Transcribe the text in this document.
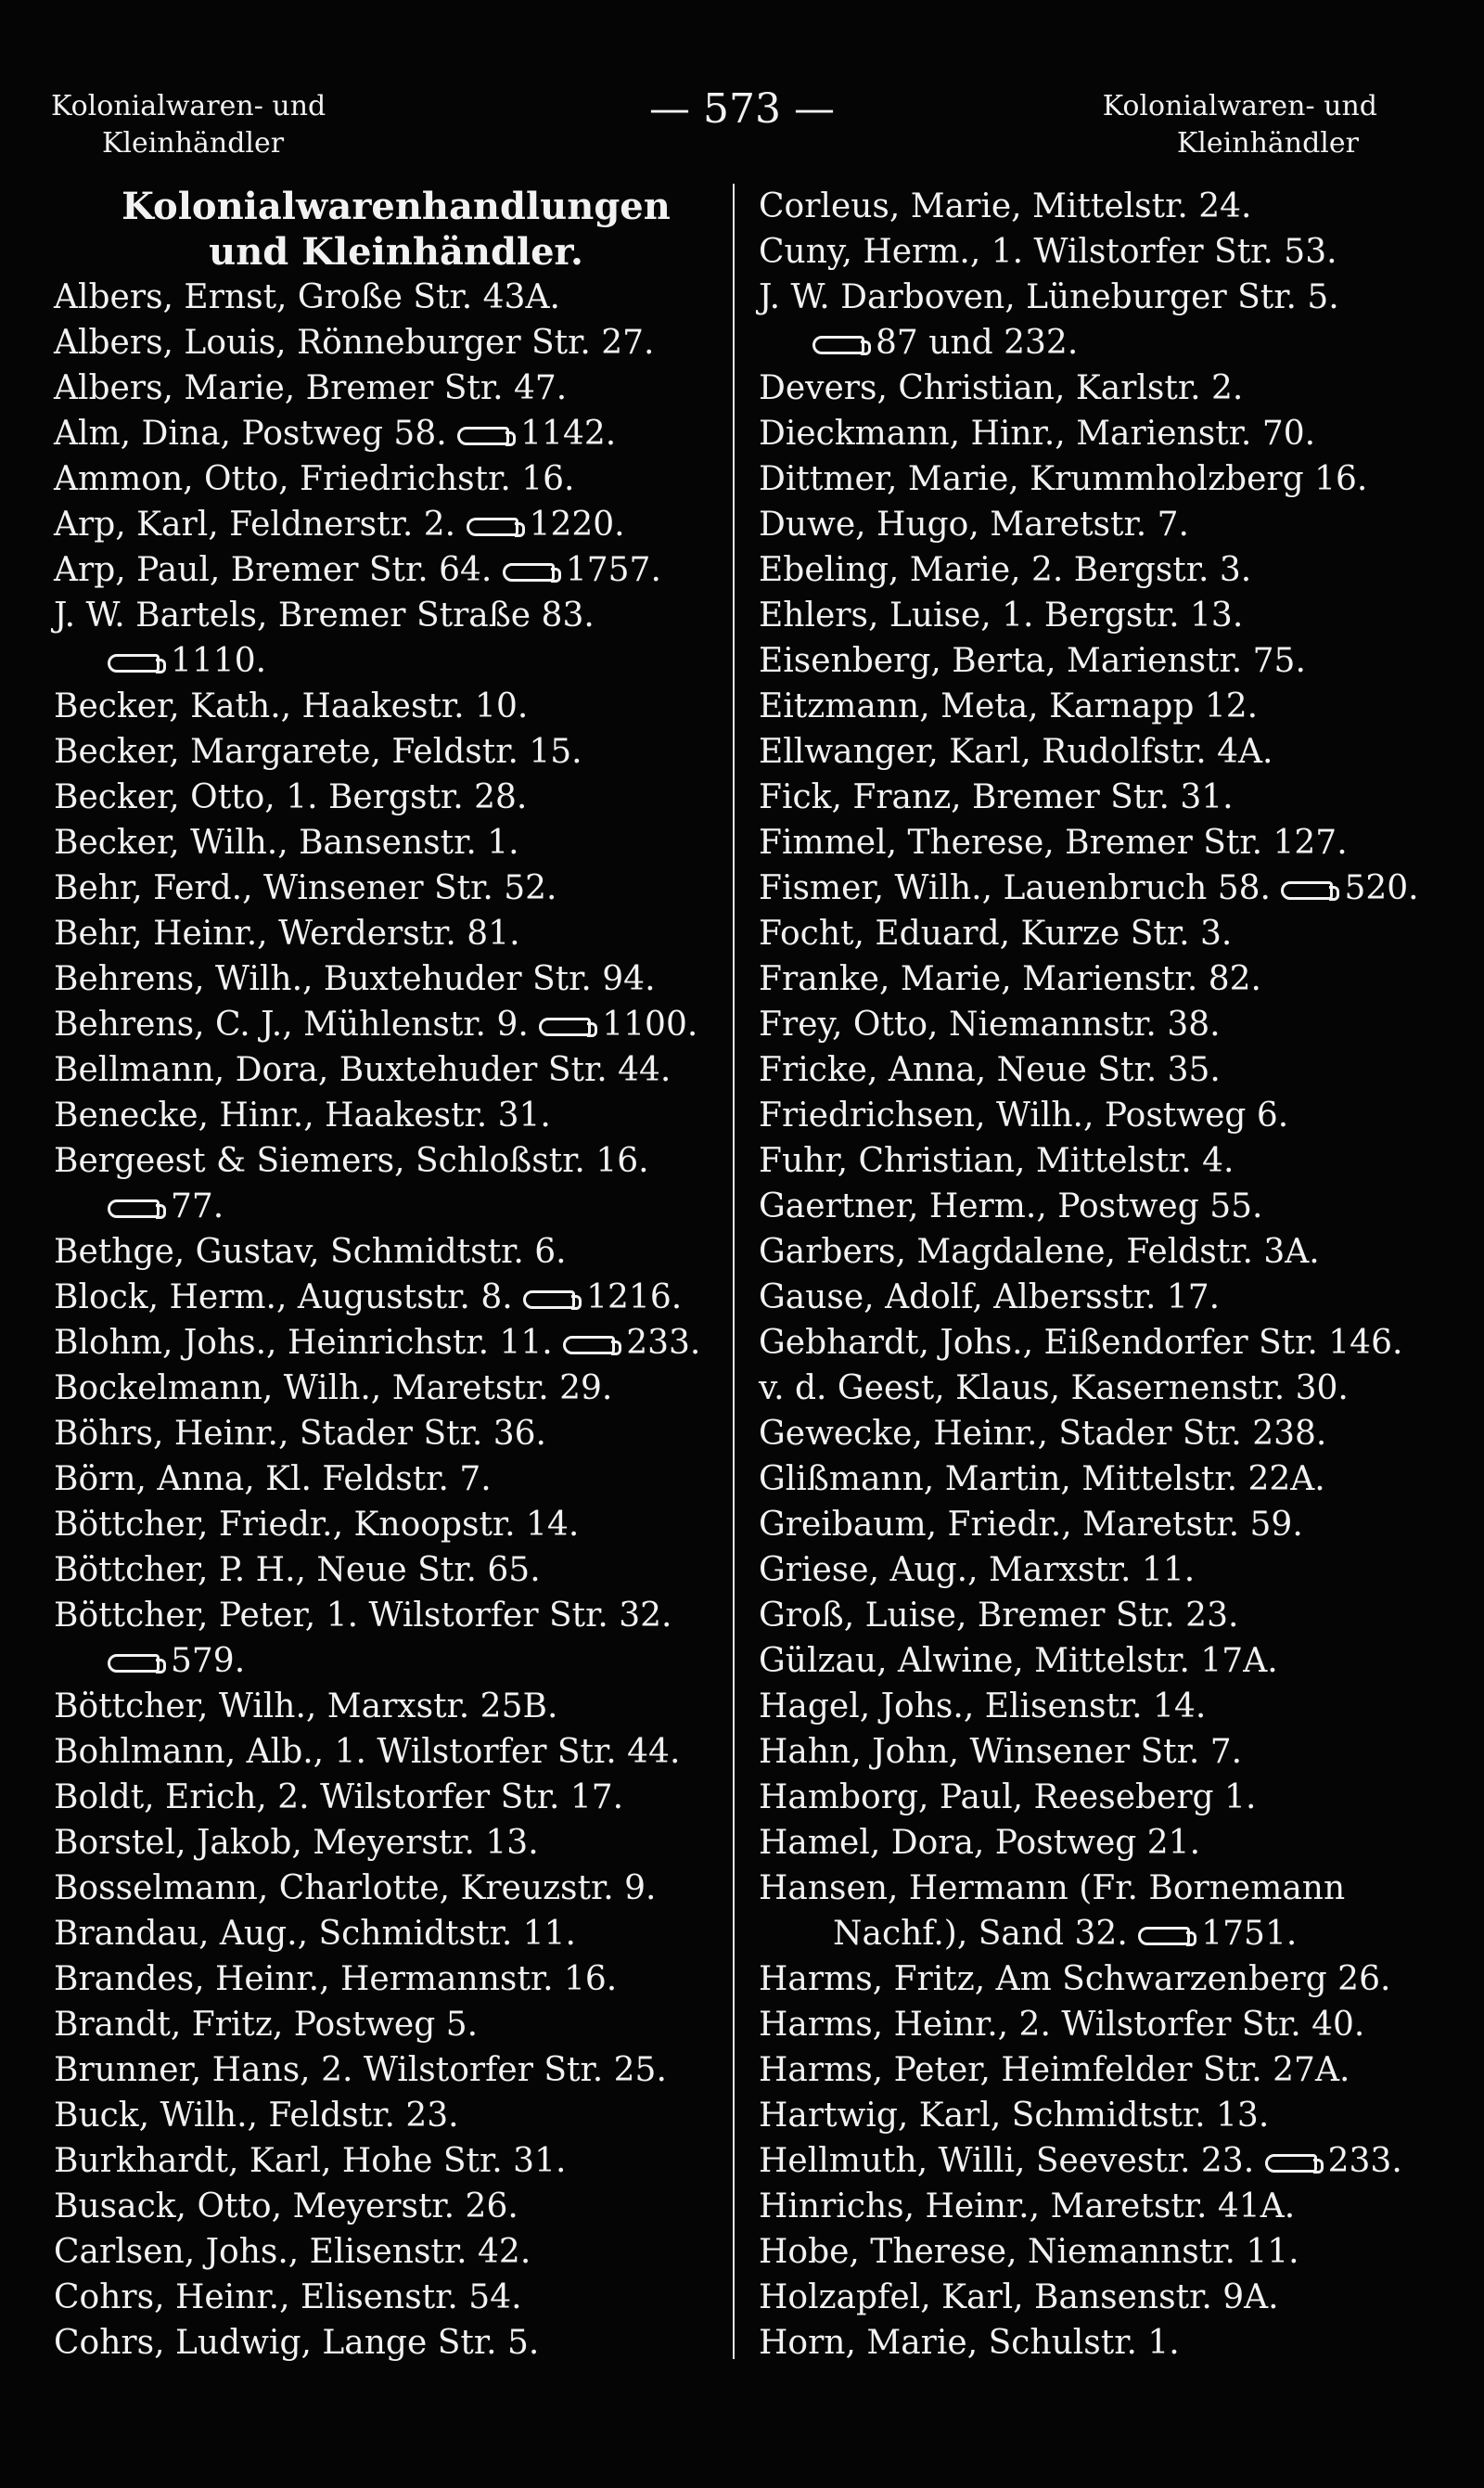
Kolonialwaren- und
Kleinhändler
— 573 —	Kolonialwaren- und
Kleinhändler
Kolonialwarenhandlungen
und Kleinhändler.
Albers, Ernst, Große Str. 43A.
Albers, Louis, Rönneburger Str. 27.
Albers, Marie, Bremer Str. 47.
Alm, Dina, Postweg 58. 1142.
Ammon, Otto, Friedrichstr. 16.
Arp, Karl, Feldnerstr. 2. 1220.
Arp, Paul, Bremer Str. 64. 1757.
J. W. Bartels, Bremer Straße 83.
1110.
Becker, Kath., Haakestr. 10.
Becker, Margarete, Feldstr. 15.
Becker, Otto, 1. Bergstr. 28.
Becker, Wilh., Bansenstr. 1.
Behr, Ferd., Winsener Str. 52.
Behr, Heinr., Werderstr. 81.
Behrens, Wilh., Buxtehuder Str. 94.
Behrens, C. J., Mühlenstr. 9. 1100.
Bellmann, Dora, Buxtehuder Str. 44.
Benecke, Hinr., Haakestr. 31.
Bergeest & Siemers, Schloßstr. 16.
77.
Bethge, Gustav, Schmidtstr. 6.
Block, Herm., Auguststr. 8. 1216.
Blohm, Johs., Heinrichstr. 11. 233.
Bockelmann, Wilh., Maretstr. 29.
Böhrs, Heinr., Stader Str. 36.
Börn, Anna, Kl. Feldstr. 7.
Böttcher, Friedr., Knoopstr. 14.
Böttcher, P. H., Neue Str. 65.
Böttcher, Peter, 1. Wilstorfer Str. 32.
579.
Böttcher, Wilh., Marxstr. 25B.
Bohlmann, Alb., 1. Wilstorfer Str. 44.
Boldt, Erich, 2. Wilstorfer Str. 17.
Borstel, Jakob, Meyerstr. 13.
Bosselmann, Charlotte, Kreuzstr. 9.
Brandau, Aug., Schmidtstr. 11.
Brandes, Heinr., Hermannstr. 16.
Brandt, Fritz, Postweg 5.
Brunner, Hans, 2. Wilstorfer Str. 25.
Buck, Wilh., Feldstr. 23.
Burkhardt, Karl, Hohe Str. 31.
Busack, Otto, Meyerstr. 26.
Carlsen, Johs., Elisenstr. 42.
Cohrs, Heinr., Elisenstr. 54.
Cohrs, Ludwig, Lange Str. 5.
Corleus, Marie, Mittelstr. 24.
Cuny, Herm., 1. Wilstorfer Str. 53.
J. W. Darboven, Lüneburger Str. 5.
87 und 232.
Devers, Christian, Karlstr. 2.
Dieckmann, Hinr., Marienstr. 70.
Dittmer, Marie, Krummholzberg 16.
Duwe, Hugo, Maretstr. 7.
Ebeling, Marie, 2. Bergstr. 3.
Ehlers, Luise, 1. Bergstr. 13.
Eisenberg, Berta, Marienstr. 75.
Eitzmann, Meta, Karnapp 12.
Ellwanger, Karl, Rudolfstr. 4A.
Fick, Franz, Bremer Str. 31.
Fimmel, Therese, Bremer Str. 127.
Fismer, Wilh., Lauenbruch 58. 520.
Focht, Eduard, Kurze Str. 3.
Franke, Marie, Marienstr. 82.
Frey, Otto, Niemannstr. 38.
Fricke, Anna, Neue Str. 35.
Friedrichsen, Wilh., Postweg 6.
Fuhr, Christian, Mittelstr. 4.
Gaertner, Herm., Postweg 55.
Garbers, Magdalene, Feldstr. 3A.
Gause, Adolf, Albersstr. 17.
Gebhardt, Johs., Eißendorfer Str. 146.
v. d. Geest, Klaus, Kasernenstr. 30.
Gewecke, Heinr., Stader Str. 238.
Glißmann, Martin, Mittelstr. 22A.
Greibaum, Friedr., Maretstr. 59.
Griese, Aug., Marxstr. 11.
Groß, Luise, Bremer Str. 23.
Gülzau, Alwine, Mittelstr. 17A.
Hagel, Johs., Elisenstr. 14.
Hahn, John, Winsener Str. 7.
Hamborg, Paul, Reeseberg 1.
Hamel, Dora, Postweg 21.
Hansen, Hermann (Fr. Bornemann
Nachf.), Sand 32. 1751.
Harms, Fritz, Am Schwarzenberg 26.
Harms, Heinr., 2. Wilstorfer Str. 40.
Harms, Peter, Heimfelder Str. 27A.
Hartwig, Karl, Schmidtstr. 13.
Hellmuth, Willi, Seevestr. 23. 233.
Hinrichs, Heinr., Maretstr. 41A.
Hobe, Therese, Niemannstr. 11.
Holzapfel, Karl, Bansenstr. 9A.
Horn, Marie, Schulstr. 1.
